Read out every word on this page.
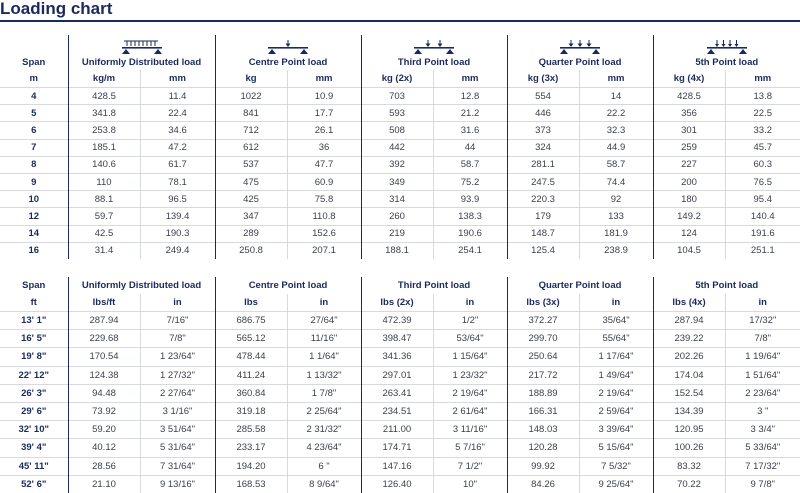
Loading chart
Span	Uniformly Distributed load		Centre Point load		Third Point load		Quarter Point load		5th Point load	
m	kg/m	mm	kg	mm	kg (2x)	mm	kg (3x)	mm	kg (4x)	mm
4	428.5	11.4	1022	10.9	703	12.8	554	14	428.5	13.8
5	341.8	22.4	841	17.7	593	21.2	446	22.2	356	22.5
6	253.8	34.6	712	26.1	508	31.6	373	32.3	301	33.2
7	185.1	47.2	612	36	442	44	324	44.9	259	45.7
8	140.6	61.7	537	47.7	392	58.7	281.1	58.7	227	60.3
9	110	78.1	475	60.9	349	75.2	247.5	74.4	200	76.5
10	88.1	96.5	425	75.8	314	93.9	220.3	92	180	95.4
12	59.7	139.4	347	110.8	260	138.3	179	133	149.2	140.4
14	42.5	190.3	289	152.6	219	190.6	148.7	181.9	124	191.6
16	31.4	249.4	250.8	207.1	188.1	254.1	125.4	238.9	104.5	251.1
Span	Uniformly Distributed load		Centre Point load		Third Point load		Quarter Point load		5th Point load	
ft	lbs/ft	in	lbs	in	lbs (2x)	in	lbs (3x)	in	lbs (4x)	in
13' 1"	287.94	7/16"	686.75	27/64"	472.39	1/2"	372.27	35/64"	287.94	17/32"
16' 5"	229.68	7/8"	565.12	11/16"	398.47	53/64"	299.70	55/64"	239.22	7/8"
19' 8"	170.54	1 23/64"	478.44	1 1/64"	341.36	1 15/64"	250.64	1 17/64"	202.26	1 19/64"
22' 12"	124.38	1 27/32"	411.24	1 13/32"	297.01	1 23/32"	217.72	1 49/64"	174.04	1 51/64"
26' 3"	94.48	2 27/64"	360.84	1 7/8"	263.41	2 19/64"	188.89	2 19/64"	152.54	2 23/64"
29' 6"	73.92	3 1/16"	319.18	2 25/64"	234.51	2 61/64"	166.31	2 59/64"	134.39	3 "
32' 10"	59.20	3 51/64"	285.58	2 31/32"	211.00	3 11/16"	148.03	3 39/64"	120.95	3 3/4"
39' 4"	40.12	5 31/64"	233.17	4 23/64"	174.71	5 7/16"	120.28	5 15/64"	100.26	5 33/64"
45' 11"	28.56	7 31/64"	194.20	6 "	147.16	7 1/2"	99.92	7 5/32"	83.32	7 17/32"
52' 6"	21.10	9 13/16"	168.53	8 9/64"	126.40	10"	84.26	9 25/64"	70.22	9 7/8"
